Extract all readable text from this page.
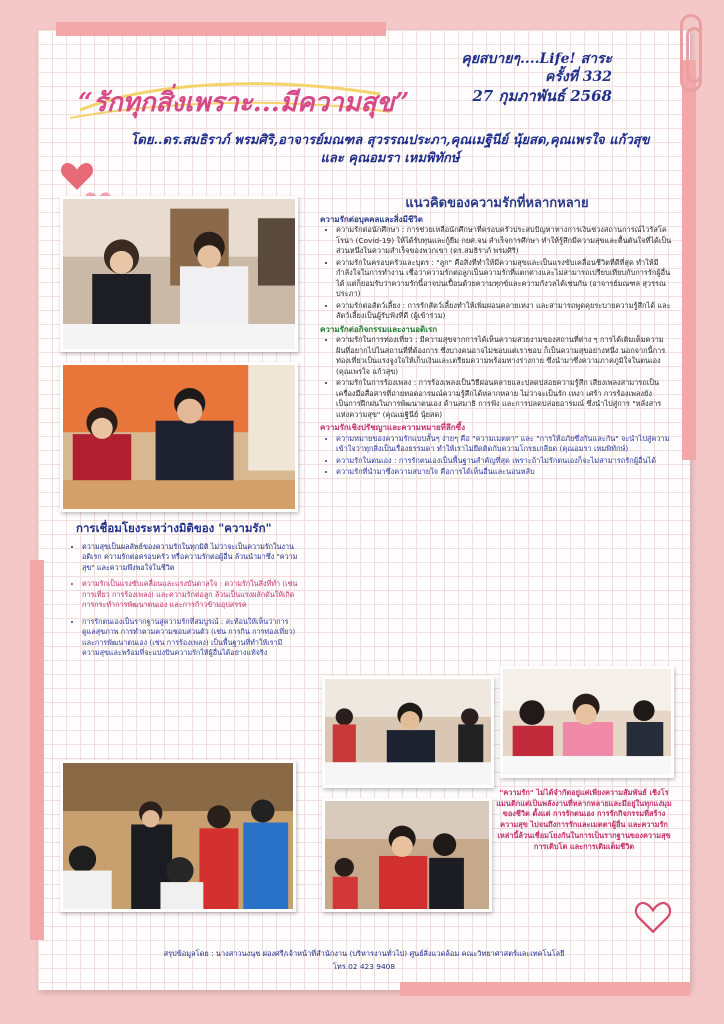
“รักทุกสิ่งเพราะ...มีความสุข”
คุยสบายๆ....Life! สาระ
ครั้งที่ 332
27 กุมภาพันธ์ 2568
โดย..ดร.สมธิราภ์ พรมศิริ,อาจารย์มณฑล สุวรรณประภา,คุณเมฐินีย์ นุ้ยสด,คุณเพรใจ แก้วสุข
และ คุณอมรา เหมพิทักษ์
แนวคิดของความรักที่หลากหลาย
ความรักต่อบุคคลและสิ่งมีชีวิต
• ความรักต่อนักศึกษา : การช่วยเหลือนักศึกษาที่ครอบครัวประสบปัญหาทางการเงินช่วงสถานการณ์ไวรัสโคโรน่า (Covid-19) ให้ได้รับทุนและกู้ยืม กยศ.จน สำเร็จการศึกษา ทำให้รู้สึกมีความสุขและตื้นตันใจที่ได้เป็นส่วนหนึ่งในความสำเร็จของพวกเขา (ดร.สมธิราภ์ พรมศิริ)
• ความรักในครอบครัวและบุตร : "ลูก" คือสิ่งที่ทำให้มีความสุขและเป็นแรงขับเคลื่อนชีวิตที่ดีที่สุด ทำให้มีกำลังใจในการทำงาน เชื่อว่าความรักต่อลูกเป็นความรักที่แตกต่างและไม่สามารถเปรียบเทียบกับการรักผู้อื่นได้ แต่ก็ยอมรับว่าความรักนี้อาจปนเปื้อนด้วยความทุกข์และความกังวลได้เช่นกัน (อาจารย์มณฑล สุวรรณประภา)
• ความรักต่อสัตว์เลี้ยง : การรักสัตว์เลี้ยงทำให้เพิ่มผ่อนคลายเหงา และสามารถพูดคุยระบายความรู้สึกได้ และสัตว์เลี้ยงเป็นผู้รับฟังที่ดี (ผู้เข้าร่วม)
ความรักต่อกิจกรรมและงานอดิเรก
• ความรักในการท่องเที่ยว : มีความสุขจากการได้เห็นความสวยงามของสถานที่ต่าง ๆ การได้เติมเต็มความฝันที่อยากไปในสถานที่ที่ต้องการ ซึ่งบางคนอาจไม่ชอบแต่เราชอบ ก็เป็นความสุขอย่างหนึ่ง นอกจากนี้การท่องเที่ยวเป็นแรงจูงใจให้เก็บเงินและเตรียมความพร้อมทางร่างกาย ซึ่งนำมาซึ่งความภาคภูมิใจในตนเอง (คุณเพรใจ แก้วสุข)
• ความรักในการร้องเพลง : การร้องเพลงเป็นวิธีผ่อนคลายและปลดปล่อยความรู้สึก เสียงเพลงสามารถเป็นเครื่องมือสื่อสารที่ถ่ายทอดอารมณ์ความรู้สึกได้หลากหลาย ไม่ว่าจะเป็นรัก เหงา เศร้า การร้องเพลงยังเป็นการฝึกฝนในการพัฒนาตนเอง ด้านสมาธิ การฟัง และการปลดปล่อยอารมณ์ ซึ่งนำไปสู่การ "หลั่งสารแห่งความสุข" (คุณเมฐินีย์ นุ้ยสด)
ความรักเชิงปรัชญาและความหมายที่ลึกซึ้ง
• ความหมายของความรักแบบสั้นๆ ง่ายๆ คือ "ความเมตตา" และ "การให้อภัยซึ่งกันและกัน" จะนำไปสู่ความเข้าใจว่าทุกสิ่งเป็นเรื่องธรรมดา ทำให้เราไม่ยึดติดกับความโกรธเกลียด (คุณอมรา เหมพิทักษ์)
• ความรักในตนเอง : การรักตนเองเป็นพื้นฐานสำคัญที่สุด เพราะถ้าไม่รักตนเองก็จะไม่สามารถรักผู้อื่นได้
• ความรักที่นำมาซึ่งความสบายใจ คือการได้เห็นอื่นและนอนหลับ
การเชื่อมโยงระหว่างมิติของ "ความรัก"
• ความสุขเป็นผลลัพธ์ของความรักในทุกมิติ ไม่ว่าจะเป็นความรักในงานอดิเรก ความรักต่อครอบครัว หรือความรักต่อผู้อื่น ล้วนนำมาซึ่ง "ความสุข" และความพึงพอใจในชีวิต
• ความรักเป็นแรงขับเคลื่อนและแรงบันดาลใจ : ความรักในสิ่งที่ทำ (เช่น การเที่ยว การร้องเพลง) และความรักต่อลูก ล้วนเป็นแรงผลักดันให้เกิดการกระทำการพัฒนาตนเอง และการก้าวข้ามอุปสรรค
• การรักตนเองเป็นรากฐานสู่ความรักที่สมบูรณ์ : สะท้อนให้เห็นว่าการดูแลสุขภาพ การทำตามความชอบส่วนตัว (เช่น การกิน การท่องเที่ยว) และการพัฒนาตนเอง (เช่น การร้องเพลง) เป็นพื้นฐานที่ทำให้เรามีความสุขและพร้อมที่จะแบ่งปันความรักให้ผู้อื่นได้อย่างแท้จริง
"ความรัก" ไม่ได้จำกัดอยู่แค่เพียงความสัมพันธ์ เชิงโรแมนติกแต่เป็นพลังงานที่หลากหลายและมีอยู่ในทุกแง่มุมของชีวิต ตั้งแต่ การรักตนเอง การรักกิจกรรมที่สร้างความสุข ไปจนถึงการรักและเมตตาผู้อื่น และความรักเหล่านี้ล้วนเชื่อมโยงกันในการเป็นรากฐานของความสุข การเติบโต และการเติมเต็มชีวิต
สรุปข้อมูลโดย : นางสาวนงนุช ผ่องศรี/เจ้าหน้าที่สำนักงาน (บริหารงานทั่วไป) ศูนย์สิ่งแวดล้อม คณะวิทยาศาสตร์และเทคโนโลยี
โทร.02 423 9408
